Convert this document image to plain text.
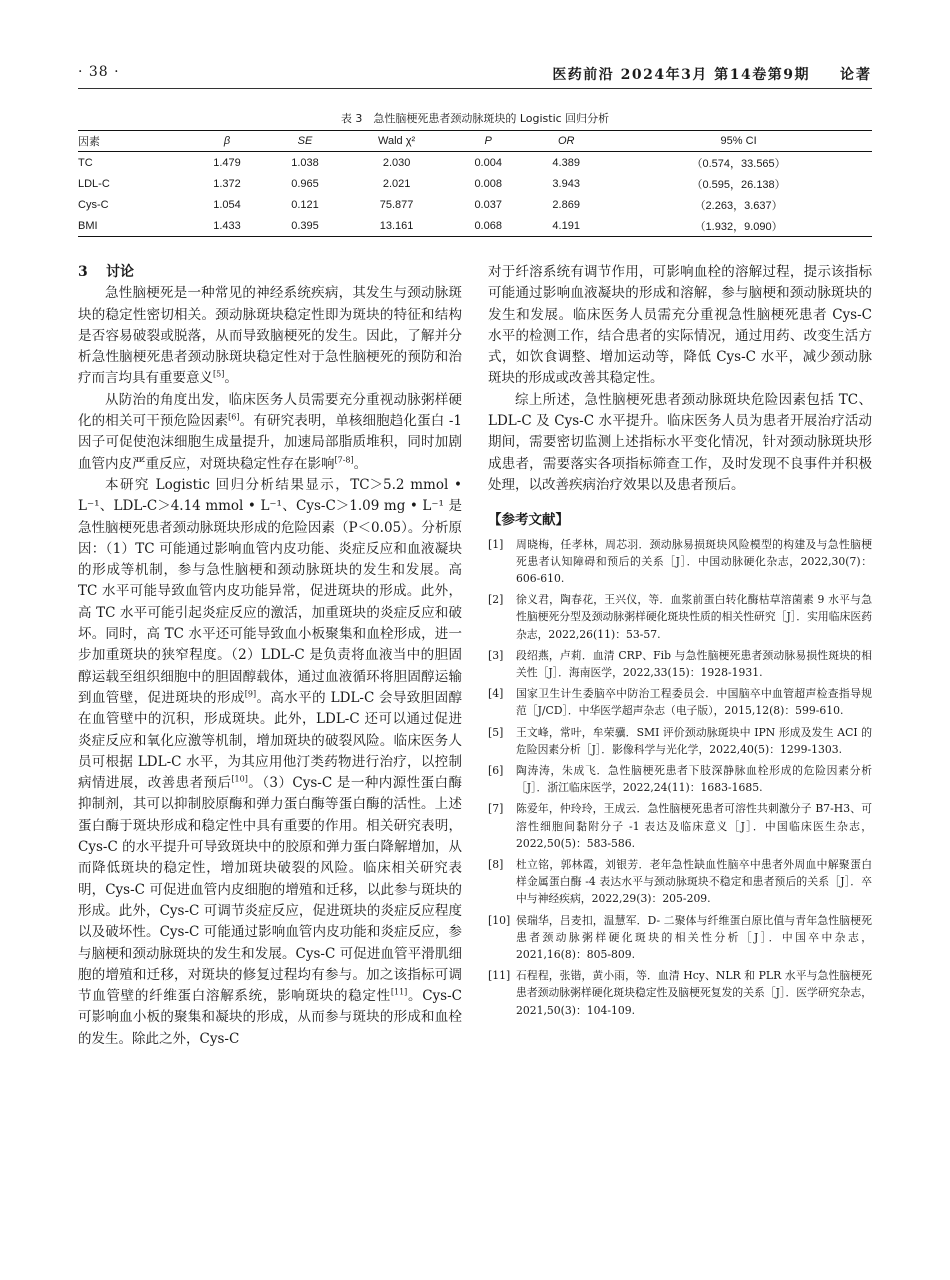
· 38 ·	医药前沿 2024年3月 第14卷第9期 论著
表 3　急性脑梗死患者颈动脉斑块的 Logistic 回归分析
因素	β	SE	Wald χ²	P	OR	95% CI
TC	1.479	1.038	2.030	0.004	4.389	（0.574，33.565）
LDL-C	1.372	0.965	2.021	0.008	3.943	（0.595，26.138）
Cys-C	1.054	0.121	75.877	0.037	2.869	（2.263，3.637）
BMI	1.433	0.395	13.161	0.068	4.191	（1.932，9.090）
3 讨论

急性脑梗死是一种常见的神经系统疾病，其发生与颈动脉斑块的稳定性密切相关。颈动脉斑块稳定性即为斑块的特征和结构是否容易破裂或脱落，从而导致脑梗死的发生。因此，了解并分析急性脑梗死患者颈动脉斑块稳定性对于急性脑梗死的预防和治疗而言均具有重要意义[5]。

从防治的角度出发，临床医务人员需要充分重视动脉粥样硬化的相关可干预危险因素[6]。有研究表明，单核细胞趋化蛋白 -1 因子可促使泡沫细胞生成量提升，加速局部脂质堆积，同时加剧血管内皮严重反应，对斑块稳定性存在影响[7-8]。

本研究 Logistic 回归分析结果显示，TC＞5.2 mmol • L⁻¹、LDL-C＞4.14 mmol • L⁻¹、Cys-C＞1.09 mg • L⁻¹ 是急性脑梗死患者颈动脉斑块形成的危险因素（P＜0.05）。分析原因：（1）TC 可能通过影响血管内皮功能、炎症反应和血液凝块的形成等机制，参与急性脑梗和颈动脉斑块的发生和发展。高 TC 水平可能导致血管内皮功能异常，促进斑块的形成。此外，高 TC 水平可能引起炎症反应的激活，加重斑块的炎症反应和破坏。同时，高 TC 水平还可能导致血小板聚集和血栓形成，进一步加重斑块的狭窄程度。（2）LDL-C 是负责将血液当中的胆固醇运载至组织细胞中的胆固醇载体，通过血液循环将胆固醇运输到血管壁，促进斑块的形成[9]。高水平的 LDL-C 会导致胆固醇在血管壁中的沉积，形成斑块。此外，LDL-C 还可以通过促进炎症反应和氧化应激等机制，增加斑块的破裂风险。临床医务人员可根据 LDL-C 水平，为其应用他汀类药物进行治疗，以控制病情进展，改善患者预后[10]。（3）Cys-C 是一种内源性蛋白酶抑制剂，其可以抑制胶原酶和弹力蛋白酶等蛋白酶的活性。上述蛋白酶于斑块形成和稳定性中具有重要的作用。相关研究表明，Cys-C 的水平提升可导致斑块中的胶原和弹力蛋白降解增加，从而降低斑块的稳定性，增加斑块破裂的风险。临床相关研究表明，Cys-C 可促进血管内皮细胞的增殖和迁移，以此参与斑块的形成。此外，Cys-C 可调节炎症反应，促进斑块的炎症反应程度以及破坏性。Cys-C 可能通过影响血管内皮功能和炎症反应，参与脑梗和颈动脉斑块的发生和发展。Cys-C 可促进血管平滑肌细胞的增殖和迁移，对斑块的修复过程均有参与。加之该指标可调节血管壁的纤维蛋白溶解系统，影响斑块的稳定性[11]。Cys-C 可影响血小板的聚集和凝块的形成，从而参与斑块的形成和血栓的发生。除此之外，Cys-C

对于纤溶系统有调节作用，可影响血栓的溶解过程，提示该指标可能通过影响血液凝块的形成和溶解，参与脑梗和颈动脉斑块的发生和发展。临床医务人员需充分重视急性脑梗死患者 Cys-C 水平的检测工作，结合患者的实际情况，通过用药、改变生活方式，如饮食调整、增加运动等，降低 Cys-C 水平，减少颈动脉斑块的形成或改善其稳定性。

综上所述，急性脑梗死患者颈动脉斑块危险因素包括 TC、LDL-C 及 Cys-C 水平提升。临床医务人员为患者开展治疗活动期间，需要密切监测上述指标水平变化情况，针对颈动脉斑块形成患者，需要落实各项指标筛查工作，及时发现不良事件并积极处理，以改善疾病治疗效果以及患者预后。

【参考文献】
[1] 周晓梅，任孝林，周芯羽．颈动脉易损斑块风险模型的构建及与急性脑梗死患者认知障碍和预后的关系［J］．中国动脉硬化杂志，2022,30(7)：606-610.
[2] 徐义君，陶春花，王兴仪，等．血浆前蛋白转化酶枯草溶菌素 9 水平与急性脑梗死分型及颈动脉粥样硬化斑块性质的相关性研究［J］．实用临床医药杂志，2022,26(11)：53-57.
[3] 段绍燕，卢莉．血清 CRP、Fib 与急性脑梗死患者颈动脉易损性斑块的相关性［J］．海南医学，2022,33(15)：1928-1931.
[4] 国家卫生计生委脑卒中防治工程委员会．中国脑卒中血管超声检查指导规范［J/CD］．中华医学超声杂志（电子版），2015,12(8)：599-610.
[5] 王文峰，常叶，牟荣骥．SMI 评价颈动脉斑块中 IPN 形成及发生 ACI 的危险因素分析［J］．影像科学与光化学，2022,40(5)：1299-1303.
[6] 陶涛涛，朱成飞．急性脑梗死患者下肢深静脉血栓形成的危险因素分析［J］．浙江临床医学，2022,24(11)：1683-1685.
[7] 陈爱年，仲玲玲，王成云．急性脑梗死患者可溶性共刺激分子 B7-H3、可溶性细胞间黏附分子 -1 表达及临床意义［J］．中国临床医生杂志，2022,50(5)：583-586.
[8] 杜立铭，郭林霞，刘银芳．老年急性缺血性脑卒中患者外周血中解聚蛋白样金属蛋白酶 -4 表达水平与颈动脉斑块不稳定和患者预后的关系［J］．卒中与神经疾病，2022,29(3)：205-209.
[10] 侯瑞华，吕麦扣，温慧军．D- 二聚体与纤维蛋白原比值与青年急性脑梗死患者颈动脉粥样硬化斑块的相关性分析［J］．中国卒中杂志，2021,16(8)：805-809.
[11] 石程程，张锴，黄小雨，等．血清 Hcy、NLR 和 PLR 水平与急性脑梗死患者颈动脉粥样硬化斑块稳定性及脑梗死复发的关系［J］．医学研究杂志，2021,50(3)：104-109.
